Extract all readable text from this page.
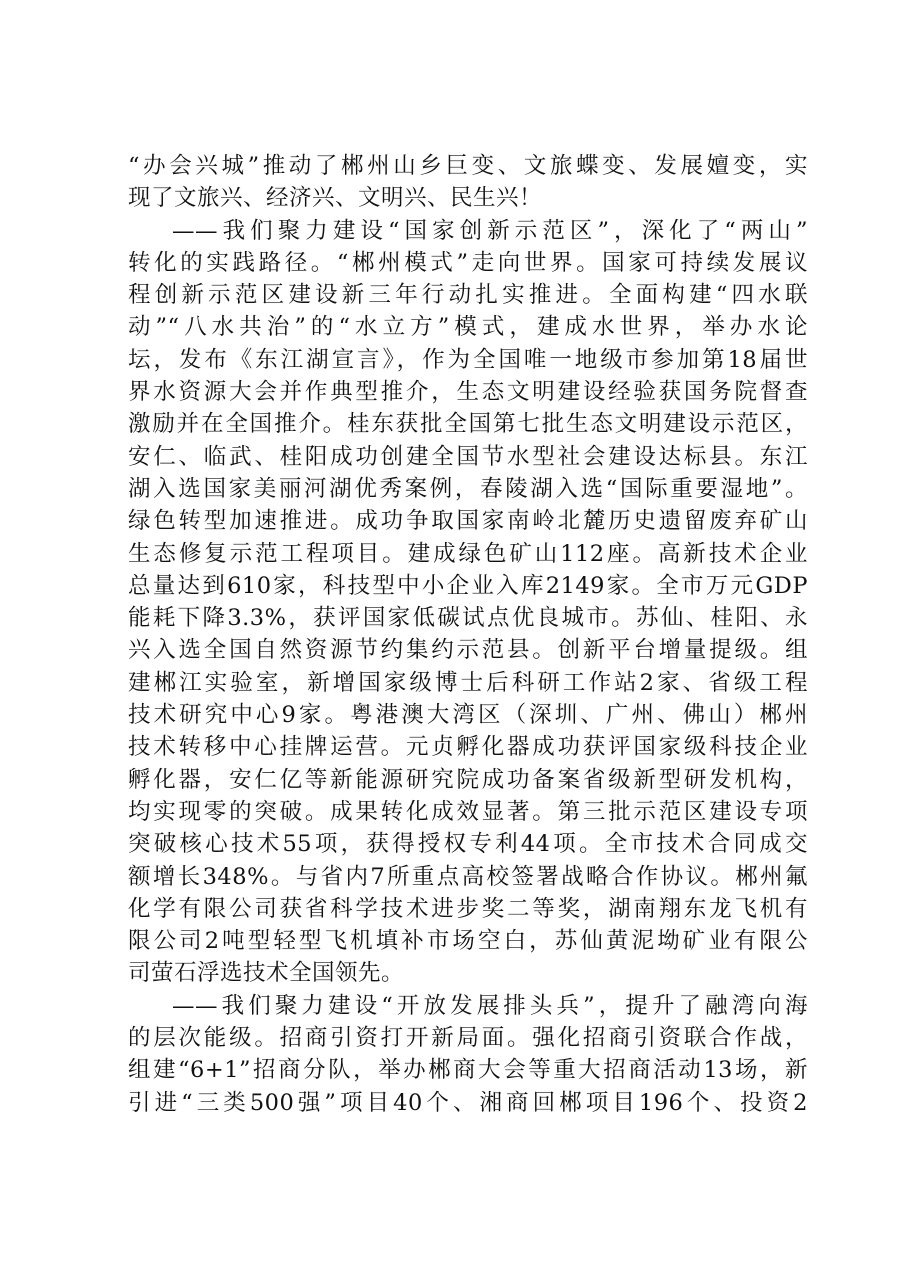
“办会兴城”推动了郴州山乡巨变、文旅蝶变、发展嬗变，实
现了文旅兴、经济兴、文明兴、民生兴！
——我们聚力建设“国家创新示范区”，深化了“两山”
转化的实践路径。“郴州模式”走向世界。国家可持续发展议
程创新示范区建设新三年行动扎实推进。全面构建“四水联
动”“八水共治”的“水立方”模式，建成水世界，举办水论
坛，发布《东江湖宣言》，作为全国唯一地级市参加第18届世
界水资源大会并作典型推介，生态文明建设经验获国务院督查
激励并在全国推介。桂东获批全国第七批生态文明建设示范区，
安仁、临武、桂阳成功创建全国节水型社会建设达标县。东江
湖入选国家美丽河湖优秀案例，春陵湖入选“国际重要湿地”。
绿色转型加速推进。成功争取国家南岭北麓历史遗留废弃矿山
生态修复示范工程项目。建成绿色矿山112座。高新技术企业
总量达到610家，科技型中小企业入库2149家。全市万元GDP
能耗下降3.3%，获评国家低碳试点优良城市。苏仙、桂阳、永
兴入选全国自然资源节约集约示范县。创新平台增量提级。组
建郴江实验室，新增国家级博士后科研工作站2家、省级工程
技术研究中心9家。粤港澳大湾区（深圳、广州、佛山）郴州
技术转移中心挂牌运营。元贞孵化器成功获评国家级科技企业
孵化器，安仁亿等新能源研究院成功备案省级新型研发机构，
均实现零的突破。成果转化成效显著。第三批示范区建设专项
突破核心技术55项，获得授权专利44项。全市技术合同成交
额增长348%。与省内7所重点高校签署战略合作协议。郴州氟
化学有限公司获省科学技术进步奖二等奖，湖南翔东龙飞机有
限公司2吨型轻型飞机填补市场空白，苏仙黄泥坳矿业有限公
司萤石浮选技术全国领先。
——我们聚力建设“开放发展排头兵”，提升了融湾向海
的层次能级。招商引资打开新局面。强化招商引资联合作战，
组建“6+1”招商分队，举办郴商大会等重大招商活动13场，新
引进“三类500强”项目40个、湘商回郴项目196个、投资2
